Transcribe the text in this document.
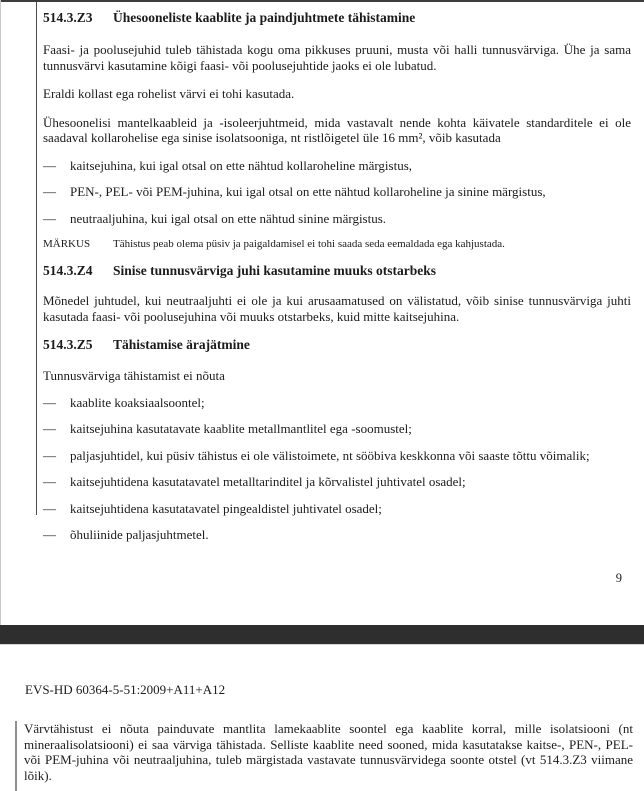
514.3.Z3	Ühesooneliste kaablite ja paindjuhtmete tähistamine

Faasi- ja poolusejuhid tuleb tähistada kogu oma pikkuses pruuni, musta või halli tunnusvärviga. Ühe ja sama tunnusvärvi kasutamine kõigi faasi- või poolusejuhtide jaoks ei ole lubatud.

Eraldi kollast ega rohelist värvi ei tohi kasutada.

Ühesoonelisi mantelkaableid ja -isoleerjuhtmeid, mida vastavalt nende kohta käivatele standarditele ei ole saadaval kollarohelise ega sinise isolatsooniga, nt ristlõigetel üle 16 mm², võib kasutada

—	kaitsejuhina, kui igal otsal on ette nähtud kollaroheline märgistus,
—	PEN-, PEL- või PEM-juhina, kui igal otsal on ette nähtud kollaroheline ja sinine märgistus,
—	neutraaljuhina, kui igal otsal on ette nähtud sinine märgistus.
MÄRKUS	Tähistus peab olema püsiv ja paigaldamisel ei tohi saada seda eemaldada ega kahjustada.
514.3.Z4	Sinise tunnusvärviga juhi kasutamine muuks otstarbeks

Mõnedel juhtudel, kui neutraaljuhti ei ole ja kui arusaamatused on välistatud, võib sinise tunnusvärviga juhti kasutada faasi- või poolusejuhina või muuks otstarbeks, kuid mitte kaitsejuhina.

514.3.Z5	Tähistamise ärajätmine

Tunnusvärviga tähistamist ei nõuta

—	kaablite koaksiaalsoontel;
—	kaitsejuhina kasutatavate kaablite metallmantlitel ega -soomustel;
—	paljasjuhtidel, kui püsiv tähistus ei ole välistoimete, nt sööbiva keskkonna või saaste tõttu võimalik;
—	kaitsejuhtidena kasutatavatel metalltarinditel ja kõrvalistel juhtivatel osadel;
—	kaitsejuhtidena kasutatavatel pingealdistel juhtivatel osadel;
—	õhuliinide paljasjuhtmetel.
9
EVS-HD 60364-5-51:2009+A11+A12

Värvtähistust ei nõuta painduvate mantlita lamekaablite soontel ega kaablite korral, mille isolatsiooni (nt mineraalisolatsiooni) ei saa värviga tähistada. Selliste kaablite need sooned, mida kasutatakse kaitse-, PEN-, PEL- või PEM-juhina või neutraaljuhina, tuleb märgistada vastavate tunnusvärvidega soonte otstel (vt 514.3.Z3 viimane lõik).
